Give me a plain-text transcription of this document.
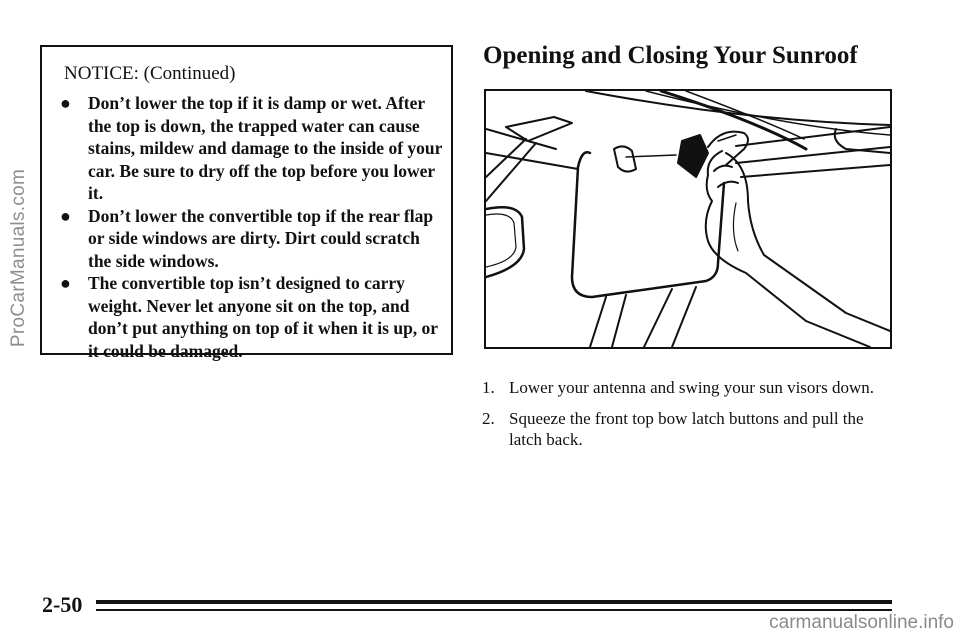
ProCarManuals.com

NOTICE: (Continued)

● Don’t lower the top if it is damp or wet. After the top is down, the trapped water can cause stains, mildew and damage to the inside of your car. Be sure to dry off the top before you lower it.
● Don’t lower the convertible top if the rear flap or side windows are dirty. Dirt could scratch the side windows.
● The convertible top isn’t designed to carry weight. Never let anyone sit on the top, and don’t put anything on top of it when it is up, or it could be damaged.
Opening and Closing Your Sunroof
1. Lower your antenna and swing your sun visors down.
2. Squeeze the front top bow latch buttons and pull the latch back.
2-50
carmanualsonline.info
